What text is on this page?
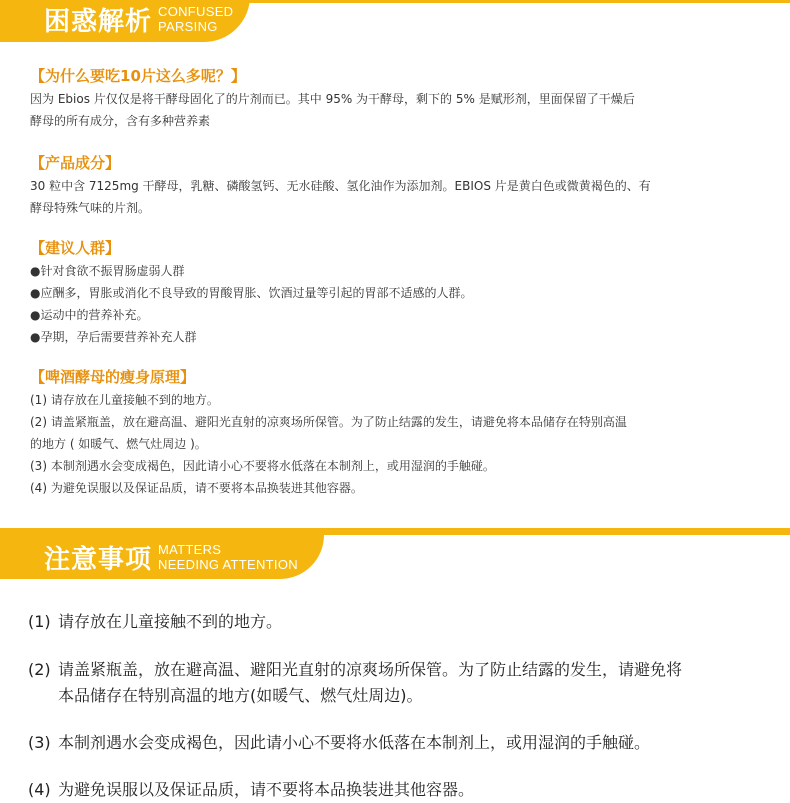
困惑解析 CONFUSED
PARSING
【为什么要吃10片这么多呢？】
因为 Ebios 片仅仅是将干酵母固化了的片剂而已。其中 95% 为干酵母，剩下的 5% 是赋形剂，里面保留了干燥后
酵母的所有成分，含有多种营养素
【产品成分】
30 粒中含 7125mg 干酵母，乳糖、磷酸氢钙、无水硅酸、氢化油作为添加剂。EBIOS 片是黄白色或微黄褐色的、有
酵母特殊气味的片剂。
【建议人群】
●针对食欲不振胃肠虚弱人群
●应酬多，胃胀或消化不良导致的胃酸胃胀、饮酒过量等引起的胃部不适感的人群。
●运动中的营养补充。
●孕期，孕后需要营养补充人群
【啤酒酵母的瘦身原理】
(1) 请存放在儿童接触不到的地方。
(2) 请盖紧瓶盖，放在避高温、避阳光直射的凉爽场所保管。为了防止结露的发生，请避免将本品储存在特别高温
的地方 ( 如暖气、燃气灶周边 )。
(3) 本制剂遇水会变成褐色，因此请小心不要将水低落在本制剂上，或用湿润的手触碰。
(4) 为避免误服以及保证品质，请不要将本品换装进其他容器。
注意事项 MATTERS
NEEDING ATTENTION
(1) 请存放在儿童接触不到的地方。
(2) 请盖紧瓶盖，放在避高温、避阳光直射的凉爽场所保管。为了防止结露的发生，请避免将
本品储存在特别高温的地方(如暖气、燃气灶周边)。
(3) 本制剂遇水会变成褐色，因此请小心不要将水低落在本制剂上，或用湿润的手触碰。
(4) 为避免误服以及保证品质，请不要将本品换装进其他容器。
